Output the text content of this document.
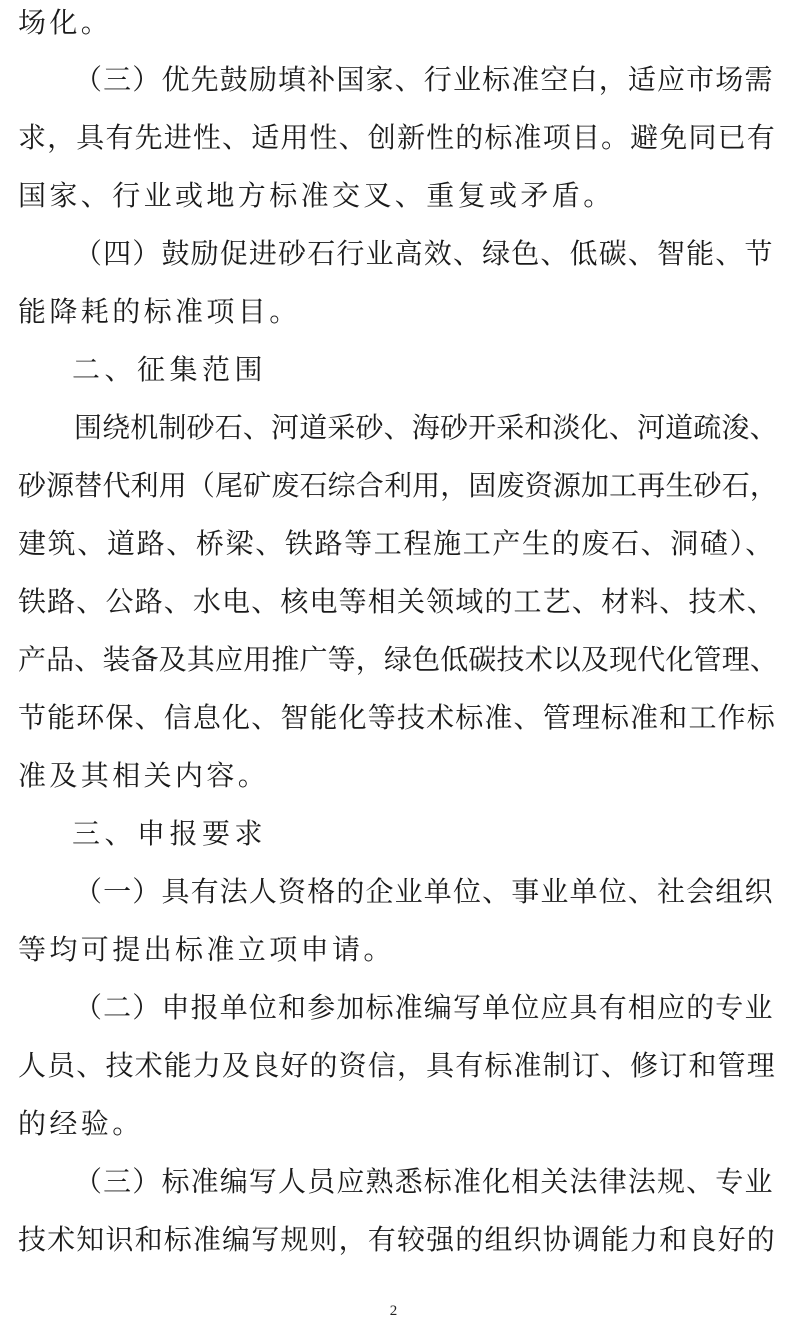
场化。

（三）优先鼓励填补国家、行业标准空白，适应市场需

求，具有先进性、适用性、创新性的标准项目。避免同已有

国家、行业或地方标准交叉、重复或矛盾。

（四）鼓励促进砂石行业高效、绿色、低碳、智能、节

能降耗的标准项目。

二、征集范围

围绕机制砂石、河道采砂、海砂开采和淡化、河道疏浚、

砂源替代利用（尾矿废石综合利用，固废资源加工再生砂石，

建筑、道路、桥梁、铁路等工程施工产生的废石、洞碴）、

铁路、公路、水电、核电等相关领域的工艺、材料、技术、

产品、装备及其应用推广等，绿色低碳技术以及现代化管理、

节能环保、信息化、智能化等技术标准、管理标准和工作标

准及其相关内容。

三、申报要求

（一）具有法人资格的企业单位、事业单位、社会组织

等均可提出标准立项申请。

（二）申报单位和参加标准编写单位应具有相应的专业

人员、技术能力及良好的资信，具有标准制订、修订和管理

的经验。

（三）标准编写人员应熟悉标准化相关法律法规、专业

技术知识和标准编写规则，有较强的组织协调能力和良好的

2
